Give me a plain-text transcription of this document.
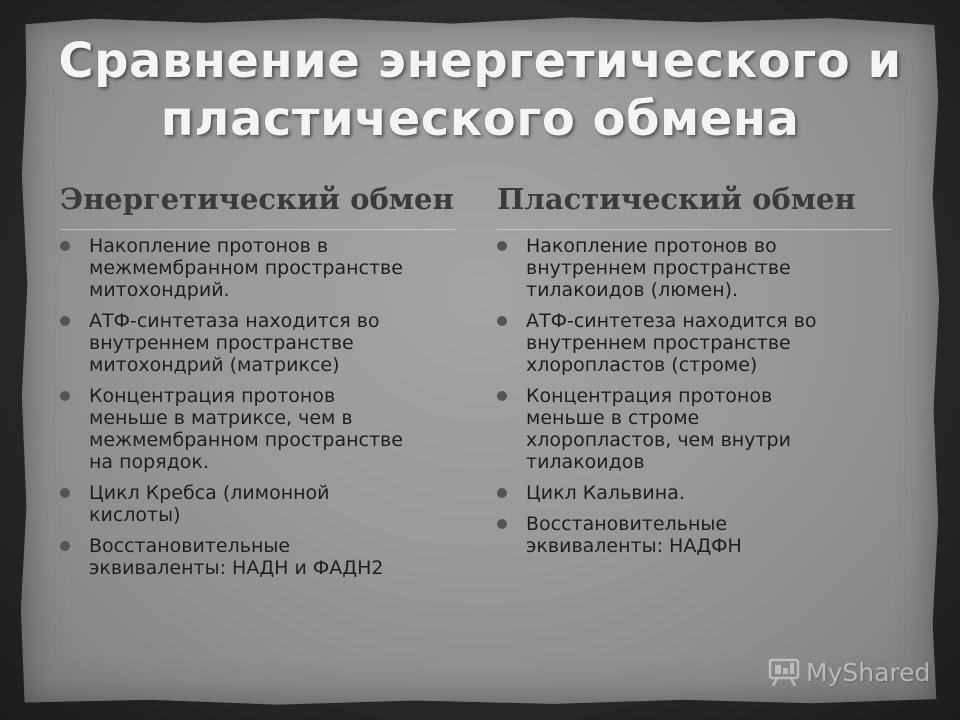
Сравнение энергетического и
пластического обмена
Энергетический обмен Пластический обмен
Накопление протонов в
межмембранном пространстве
митохондрий.
АТФ-синтетаза находится во
внутреннем пространстве
митохондрий (матриксе)
Концентрация протонов
меньше в матриксе, чем в
межмембранном пространстве
на порядок.
Цикл Кребса (лимонной
кислоты)
Восстановительные
эквиваленты: НАДН и ФАДН2
Накопление протонов во
внутреннем пространстве
тилакоидов (люмен).
АТФ-синтетеза находится во
внутреннем пространстве
хлоропластов (строме)
Концентрация протонов
меньше в строме
хлоропластов, чем внутри
тилакоидов
Цикл Кальвина.
Восстановительные
эквиваленты: НАДФН
MyShared
